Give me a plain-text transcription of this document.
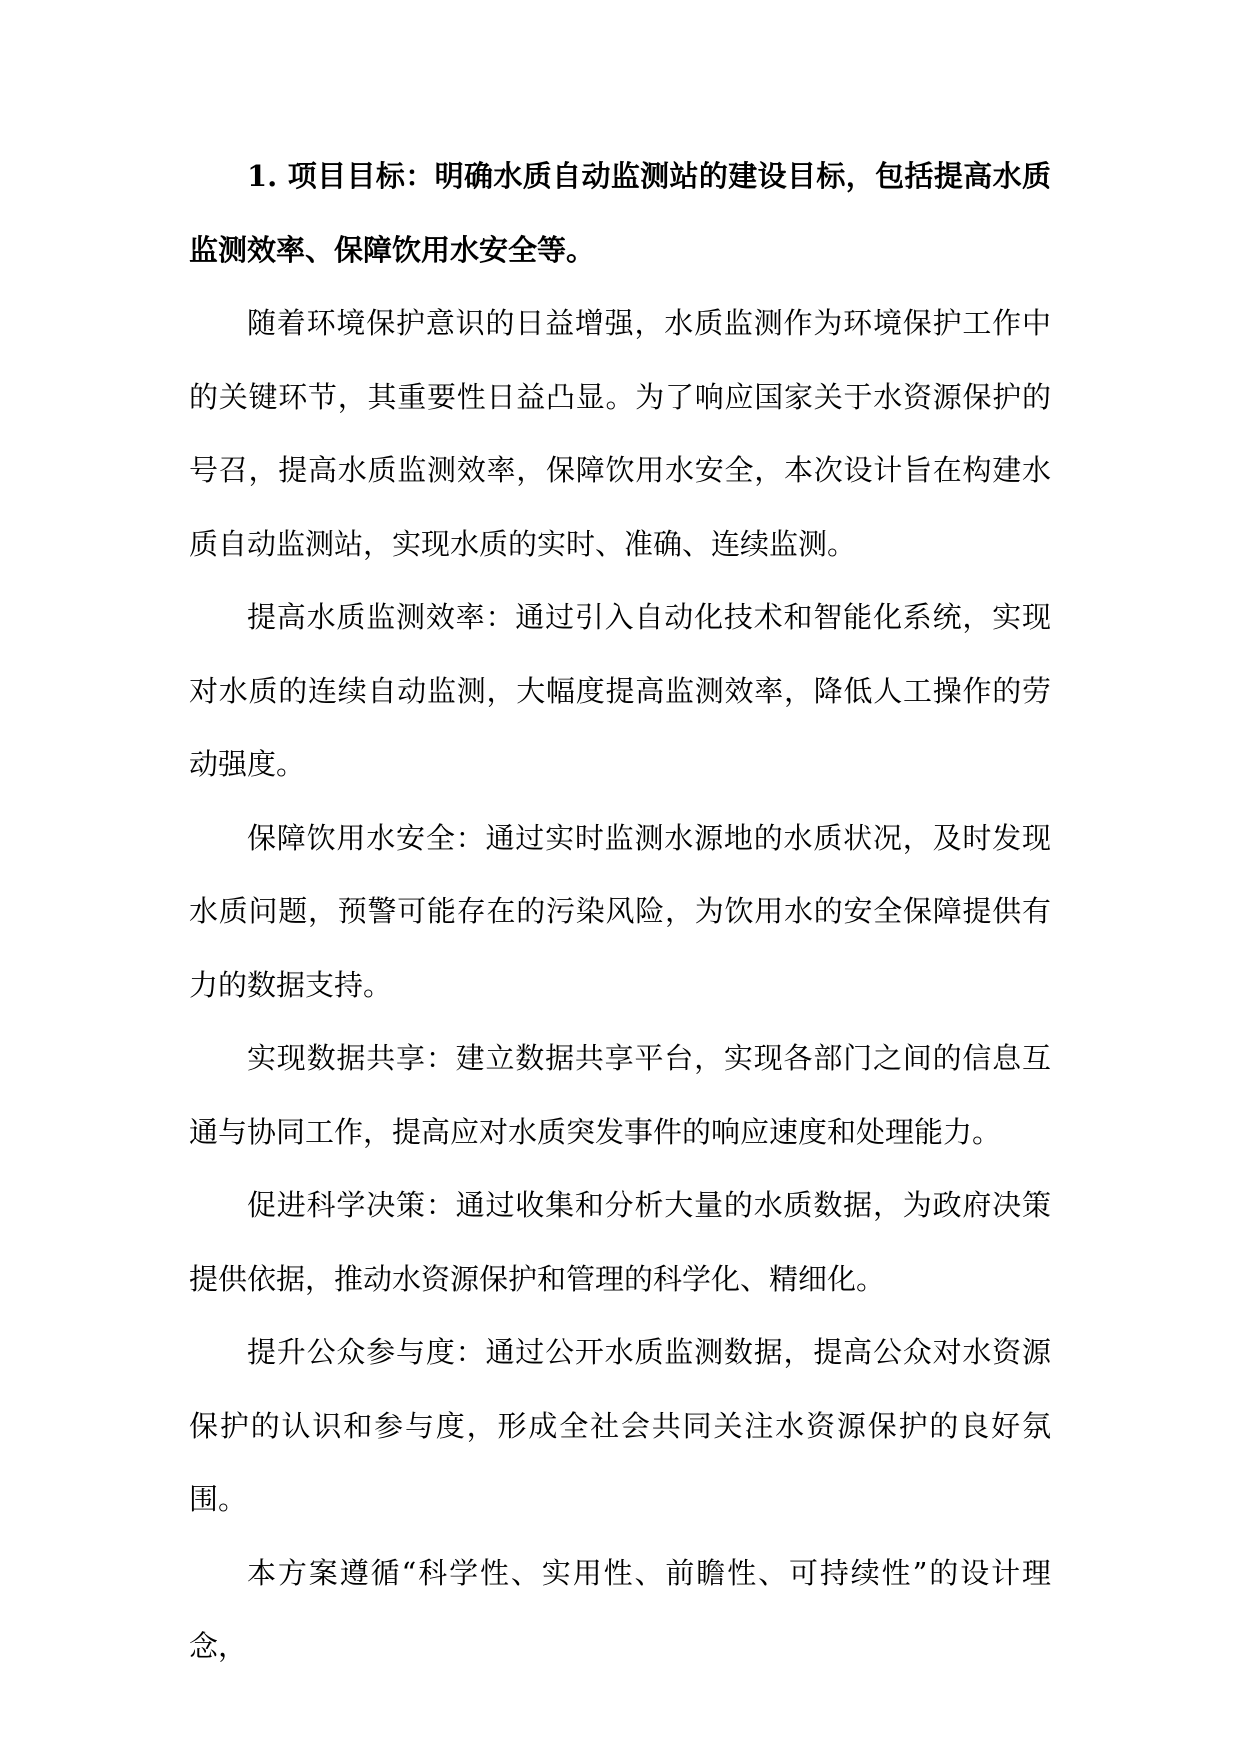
1. 项目目标：明确水质自动监测站的建设目标，包括提高水质监测效率、保障饮用水安全等。

随着环境保护意识的日益增强，水质监测作为环境保护工作中的关键环节，其重要性日益凸显。为了响应国家关于水资源保护的号召，提高水质监测效率，保障饮用水安全，本次设计旨在构建水质自动监测站，实现水质的实时、准确、连续监测。

提高水质监测效率：通过引入自动化技术和智能化系统，实现对水质的连续自动监测，大幅度提高监测效率，降低人工操作的劳动强度。

保障饮用水安全：通过实时监测水源地的水质状况，及时发现水质问题，预警可能存在的污染风险，为饮用水的安全保障提供有力的数据支持。

实现数据共享：建立数据共享平台，实现各部门之间的信息互通与协同工作，提高应对水质突发事件的响应速度和处理能力。

促进科学决策：通过收集和分析大量的水质数据，为政府决策提供依据，推动水资源保护和管理的科学化、精细化。

提升公众参与度：通过公开水质监测数据，提高公众对水资源保护的认识和参与度，形成全社会共同关注水资源保护的良好氛围。

本方案遵循“科学性、实用性、前瞻性、可持续性”的设计理念，
